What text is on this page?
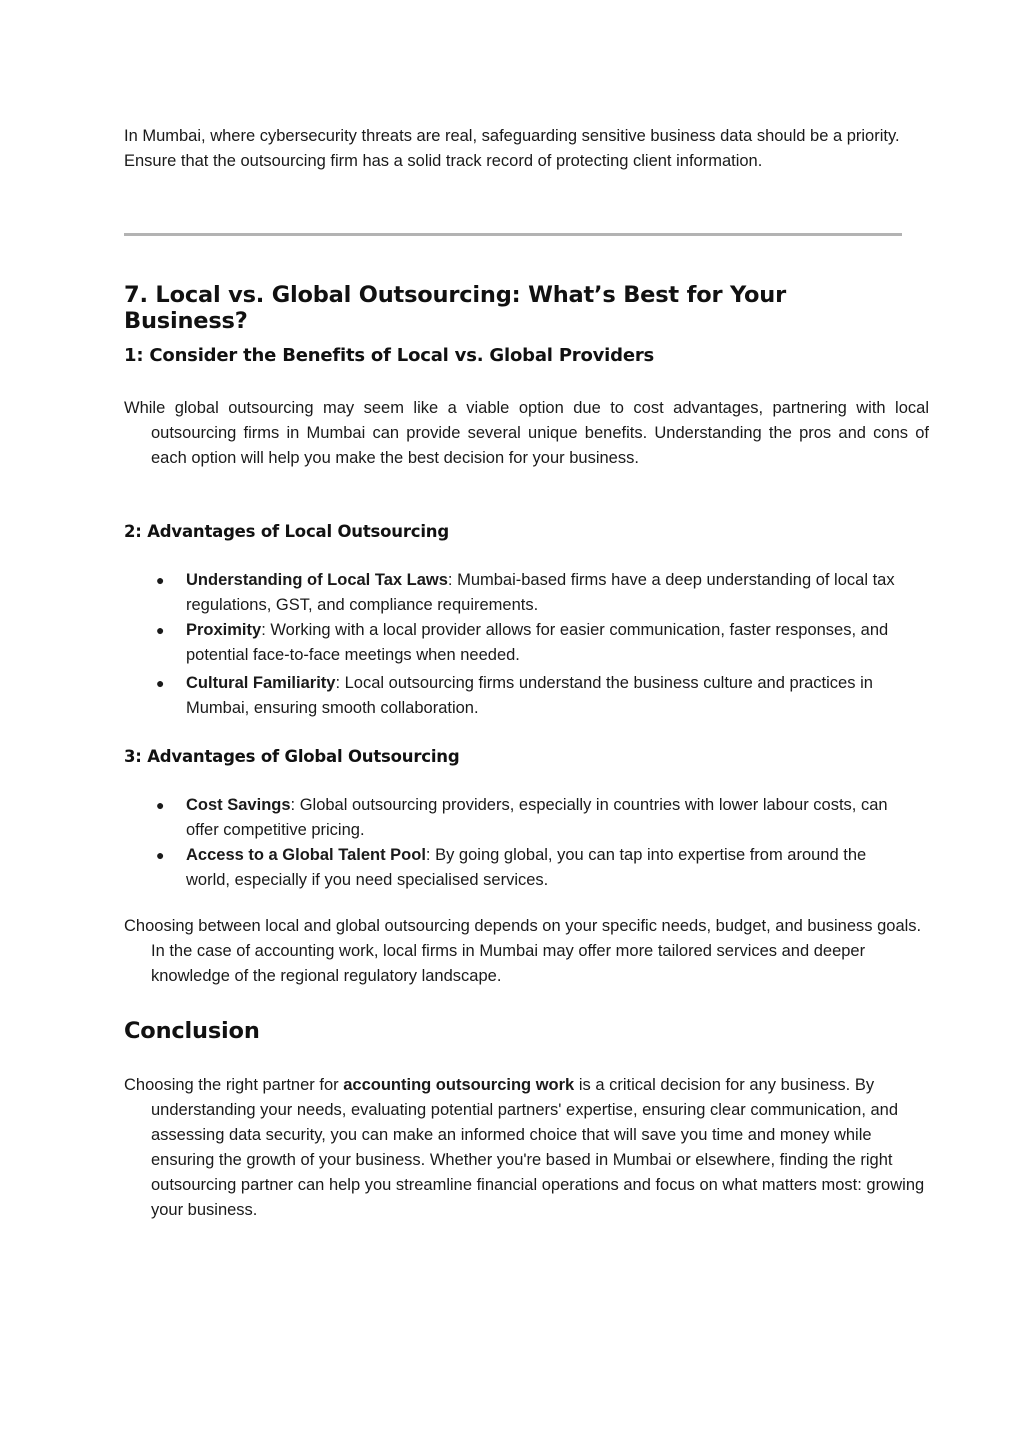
In Mumbai, where cybersecurity threats are real, safeguarding sensitive business data should be a priority. Ensure that the outsourcing firm has a solid track record of protecting client information.

7. Local vs. Global Outsourcing: What’s Best for Your Business?
1: Consider the Benefits of Local vs. Global Providers

While global outsourcing may seem like a viable option due to cost advantages, partnering with local outsourcing firms in Mumbai can provide several unique benefits. Understanding the pros and cons of each option will help you make the best decision for your business.

2: Advantages of Local Outsourcing
● Understanding of Local Tax Laws: Mumbai-based firms have a deep understanding of local tax regulations, GST, and compliance requirements.
● Proximity: Working with a local provider allows for easier communication, faster responses, and potential face-to-face meetings when needed.
● Cultural Familiarity: Local outsourcing firms understand the business culture and practices in Mumbai, ensuring smooth collaboration.
3: Advantages of Global Outsourcing
● Cost Savings: Global outsourcing providers, especially in countries with lower labour costs, can offer competitive pricing.
● Access to a Global Talent Pool: By going global, you can tap into expertise from around the world, especially if you need specialised services.

Choosing between local and global outsourcing depends on your specific needs, budget, and business goals. In the case of accounting work, local firms in Mumbai may offer more tailored services and deeper knowledge of the regional regulatory landscape.

Conclusion

Choosing the right partner for accounting outsourcing work is a critical decision for any business. By understanding your needs, evaluating potential partners' expertise, ensuring clear communication, and assessing data security, you can make an informed choice that will save you time and money while ensuring the growth of your business. Whether you're based in Mumbai or elsewhere, finding the right outsourcing partner can help you streamline financial operations and focus on what matters most: growing your business.
